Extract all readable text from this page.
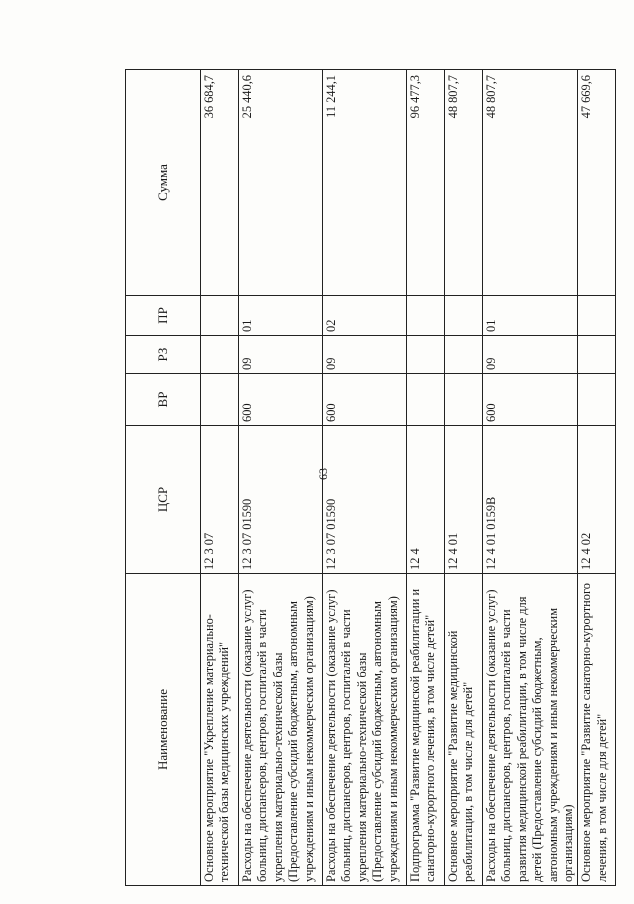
63
Наименование	ЦСР	ВР	РЗ	ПР	Сумма
Основное мероприятие "Укрепление материально-технической базы медицинских учреждений"	12 3 07				36 684,7
Расходы на обеспечение деятельности (оказание услуг) больниц, диспансеров, центров, госпиталей в части укрепления материально-технической базы (Предоставление субсидий бюджетным, автономным учреждениям и иным некоммерческим организациям)	12 3 07 01590	600	09	01	25 440,6
Расходы на обеспечение деятельности (оказание услуг) больниц, диспансеров, центров, госпиталей в части укрепления материально-технической базы (Предоставление субсидий бюджетным, автономным учреждениям и иным некоммерческим организациям)	12 3 07 01590	600	09	02	11 244,1
Подпрограмма "Развитие медицинской реабилитации и санаторно-курортного лечения, в том числе детей"	12 4				96 477,3
Основное мероприятие "Развитие медицинской реабилитации, в том числе для детей"	12 4 01				48 807,7
Расходы на обеспечение деятельности (оказание услуг) больниц, диспансеров, центров, госпиталей в части развития медицинской реабилитации, в том числе для детей (Предоставление субсидий бюджетным, автономным учреждениям и иным некоммерческим организациям)	12 4 01 0159В	600	09	01	48 807,7
Основное мероприятие "Развитие санаторно-курортного лечения, в том числе для детей"	12 4 02				47 669,6
